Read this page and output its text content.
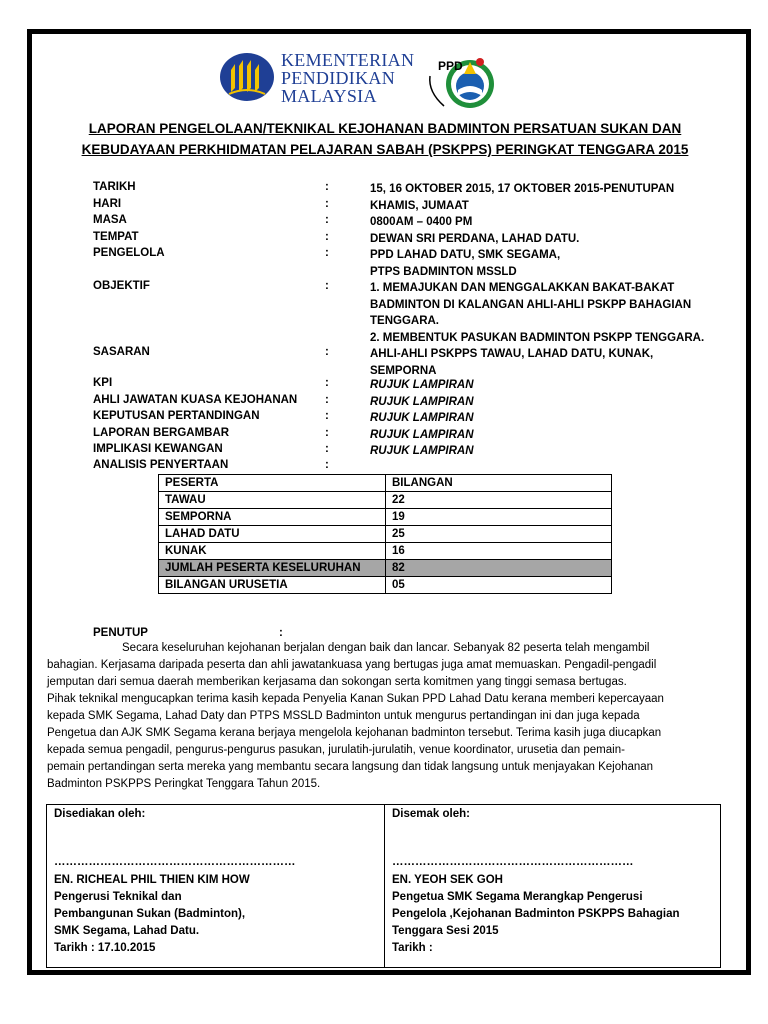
KEMENTERIAN
PENDIDIKAN
MALAYSIA
PPD
LAPORAN PENGELOLAAN/TEKNIKAL KEJOHANAN BADMINTON PERSATUAN SUKAN DAN
KEBUDAYAAN PERKHIDMATAN PELAJARAN SABAH (PSKPPS) PERINGKAT TENGGARA 2015
TARIKH	:	15, 16 OKTOBER 2015, 17 OKTOBER 2015-PENUTUPAN
HARI	:	KHAMIS, JUMAAT
MASA	:	0800AM – 0400 PM
TEMPAT	:	DEWAN SRI PERDANA, LAHAD DATU.
PENGELOLA	:	PPD LAHAD DATU, SMK SEGAMA,
PTPS BADMINTON MSSLD
OBJEKTIF	:	1. MEMAJUKAN DAN MENGGALAKKAN BAKAT-BAKAT
BADMINTON DI KALANGAN AHLI-AHLI PSKPP BAHAGIAN
TENGGARA.
2. MEMBENTUK PASUKAN BADMINTON PSKPP TENGGARA.
SASARAN	:	AHLI-AHLI PSKPPS TAWAU, LAHAD DATU, KUNAK,
SEMPORNA
KPI	:	RUJUK LAMPIRAN
AHLI JAWATAN KUASA KEJOHANAN :	RUJUK LAMPIRAN
KEPUTUSAN PERTANDINGAN	:	RUJUK LAMPIRAN
LAPORAN BERGAMBAR	:	RUJUK LAMPIRAN
IMPLIKASI KEWANGAN	:	RUJUK LAMPIRAN
ANALISIS PENYERTAAN	:
PESERTA	BILANGAN
TAWAU	22
SEMPORNA	19
LAHAD DATU	25
KUNAK	16
JUMLAH PESERTA KESELURUHAN	82
BILANGAN URUSETIA	05
PENUTUP	:
Secara keseluruhan kejohanan berjalan dengan baik dan lancar. Sebanyak 82 peserta telah mengambil
bahagian. Kerjasama daripada peserta dan ahli jawatankuasa yang bertugas juga amat memuaskan. Pengadil-pengadil
jemputan dari semua daerah memberikan kerjasama dan sokongan serta komitmen yang tinggi semasa bertugas.
Pihak teknikal mengucapkan terima kasih kepada Penyelia Kanan Sukan PPD Lahad Datu kerana memberi kepercayaan
kepada SMK Segama, Lahad Daty dan PTPS MSSLD Badminton untuk mengurus pertandingan ini dan juga kepada
Pengetua dan AJK SMK Segama kerana berjaya mengelola kejohanan badminton tersebut. Terima kasih juga diucapkan
kepada semua pengadil, pengurus-pengurus pasukan, jurulatih-jurulatih, venue koordinator, urusetia dan pemain-
pemain pertandingan serta mereka yang membantu secara langsung dan tidak langsung untuk menjayakan Kejohanan
Badminton PSKPPS Peringkat Tenggara Tahun 2015.
Disediakan oleh:
………………………………………………………
EN. RICHEAL PHIL THIEN KIM HOW
Pengerusi Teknikal dan
Pembangunan Sukan (Badminton),
SMK Segama, Lahad Datu.
Tarikh : 17.10.2015
Disemak oleh:
………………………………………………………
EN. YEOH SEK GOH
Pengetua SMK Segama Merangkap Pengerusi
Pengelola ,Kejohanan Badminton PSKPPS Bahagian
Tenggara Sesi 2015
Tarikh :
